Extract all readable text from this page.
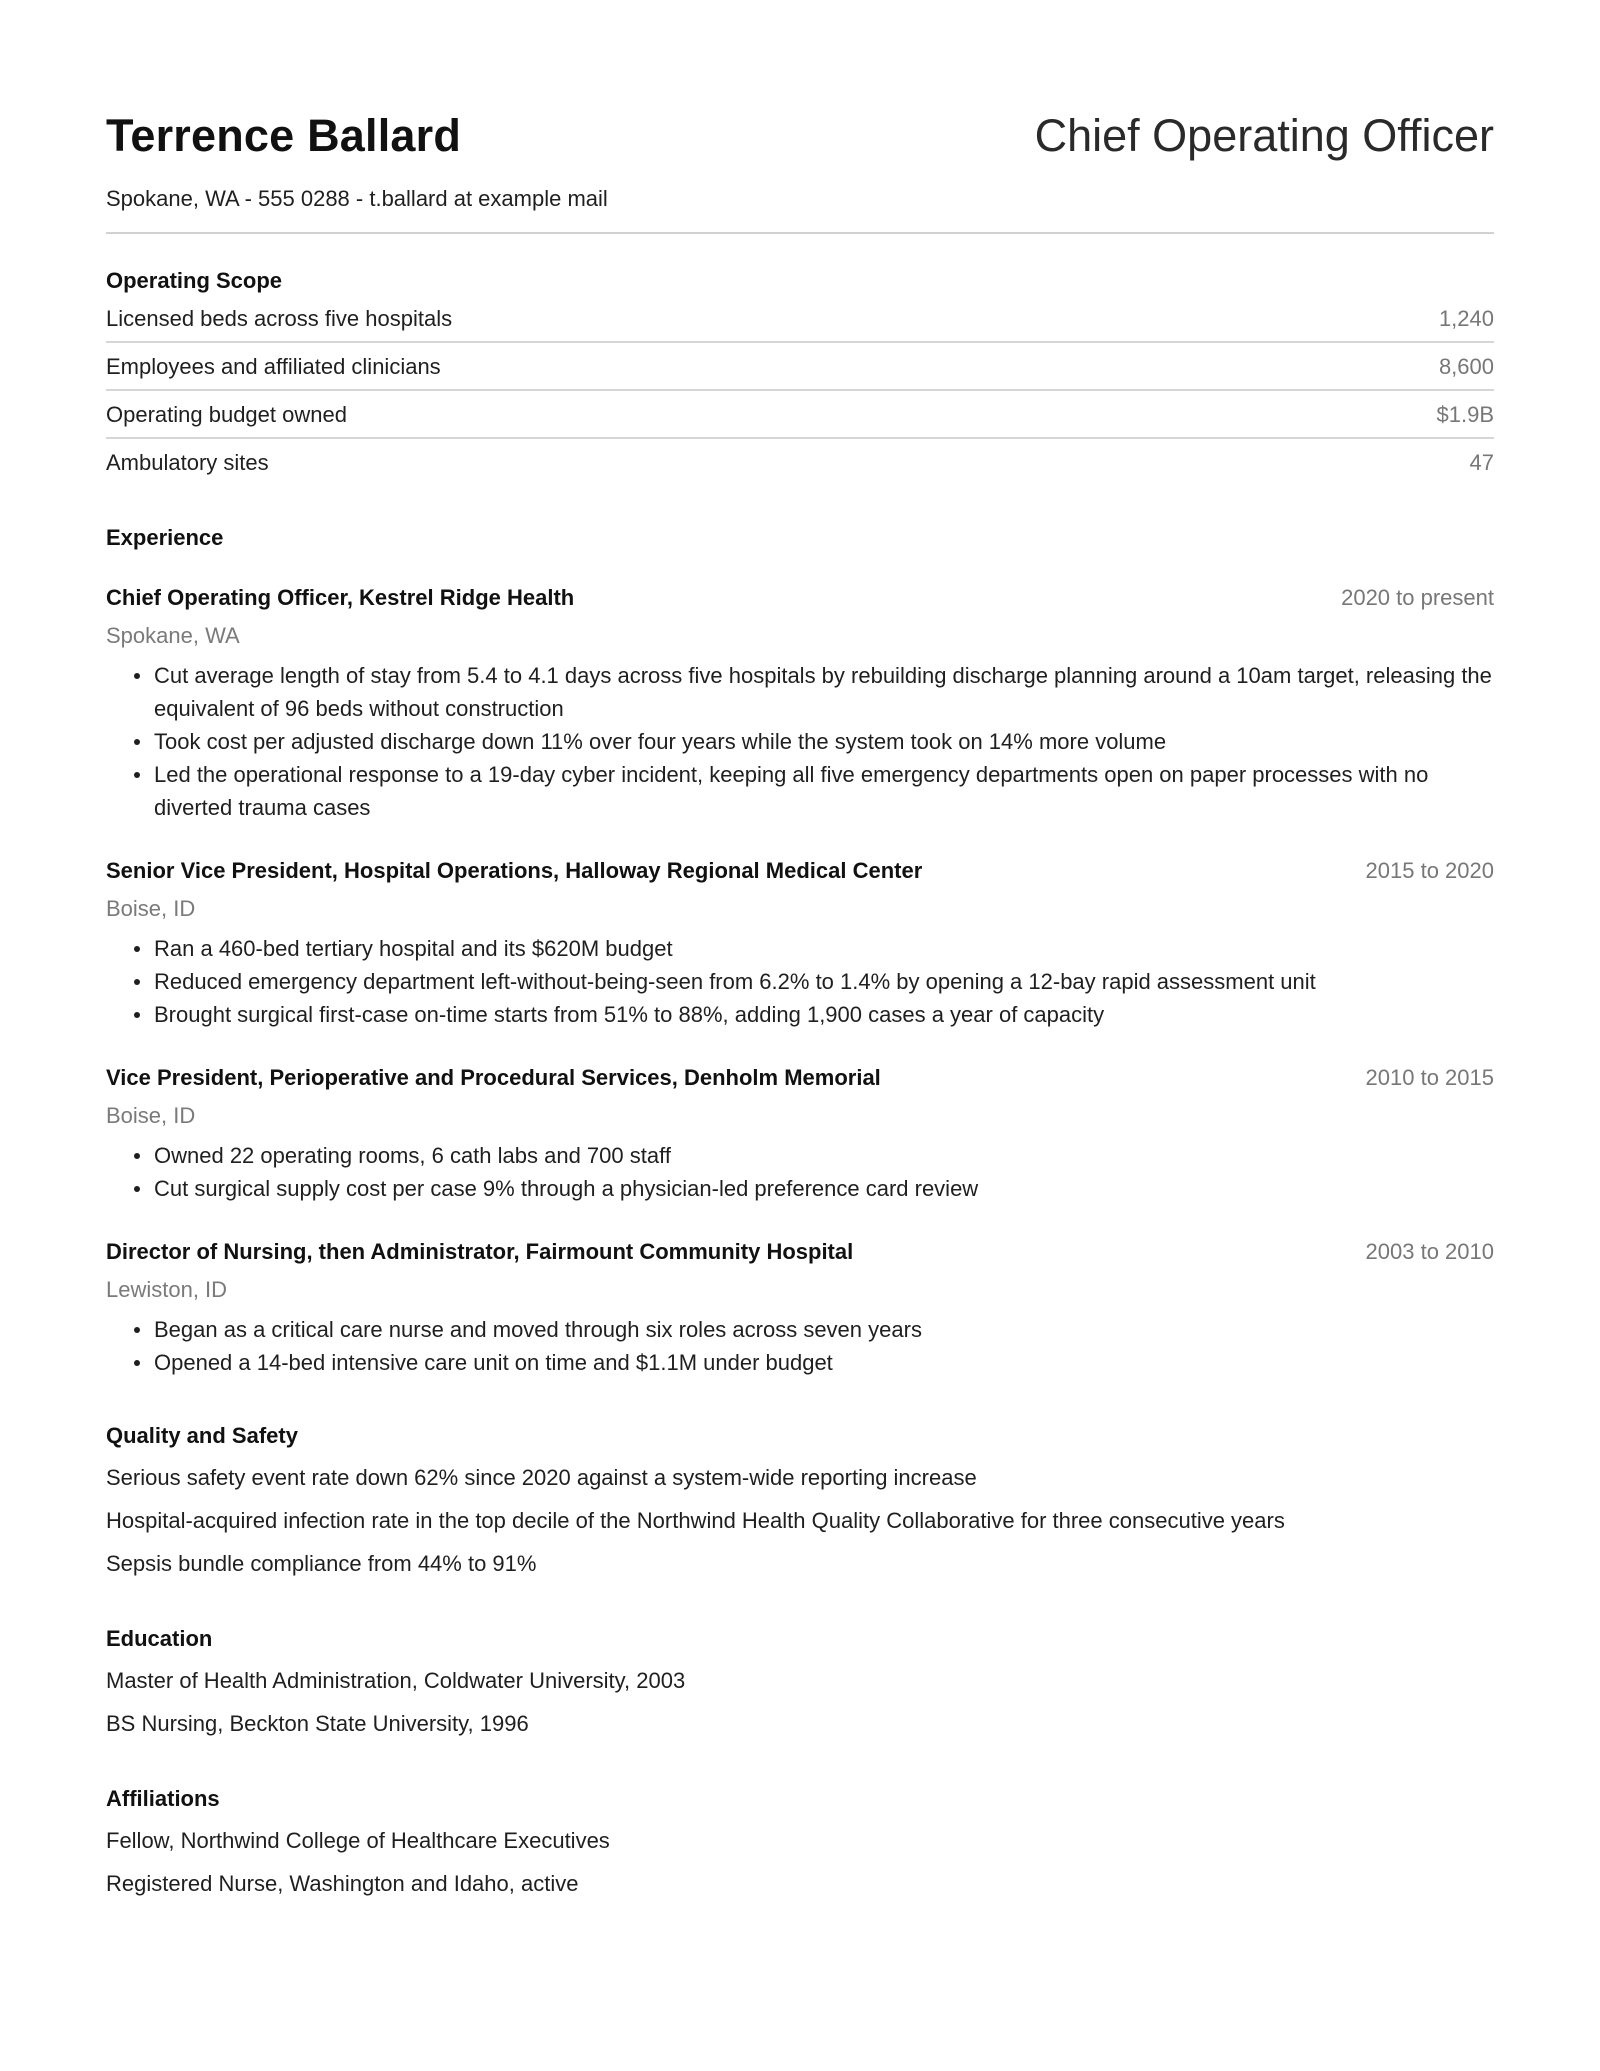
Terrence Ballard	Chief Operating Officer
Spokane, WA - 555 0288 - t.ballard at example mail
Operating Scope
Licensed beds across five hospitals	1,240
Employees and affiliated clinicians	8,600
Operating budget owned	$1.9B
Ambulatory sites	47
Experience
Chief Operating Officer, Kestrel Ridge Health	2020 to present
Spokane, WA
Cut average length of stay from 5.4 to 4.1 days across five hospitals by rebuilding discharge planning around a 10am target, releasing the equivalent of 96 beds without construction
Took cost per adjusted discharge down 11% over four years while the system took on 14% more volume
Led the operational response to a 19-day cyber incident, keeping all five emergency departments open on paper processes with no diverted trauma cases
Senior Vice President, Hospital Operations, Halloway Regional Medical Center	2015 to 2020
Boise, ID
Ran a 460-bed tertiary hospital and its $620M budget
Reduced emergency department left-without-being-seen from 6.2% to 1.4% by opening a 12-bay rapid assessment unit
Brought surgical first-case on-time starts from 51% to 88%, adding 1,900 cases a year of capacity
Vice President, Perioperative and Procedural Services, Denholm Memorial	2010 to 2015
Boise, ID
Owned 22 operating rooms, 6 cath labs and 700 staff
Cut surgical supply cost per case 9% through a physician-led preference card review
Director of Nursing, then Administrator, Fairmount Community Hospital	2003 to 2010
Lewiston, ID
Began as a critical care nurse and moved through six roles across seven years
Opened a 14-bed intensive care unit on time and $1.1M under budget
Quality and Safety
Serious safety event rate down 62% since 2020 against a system-wide reporting increase
Hospital-acquired infection rate in the top decile of the Northwind Health Quality Collaborative for three consecutive years
Sepsis bundle compliance from 44% to 91%
Education
Master of Health Administration, Coldwater University, 2003
BS Nursing, Beckton State University, 1996
Affiliations
Fellow, Northwind College of Healthcare Executives
Registered Nurse, Washington and Idaho, active
